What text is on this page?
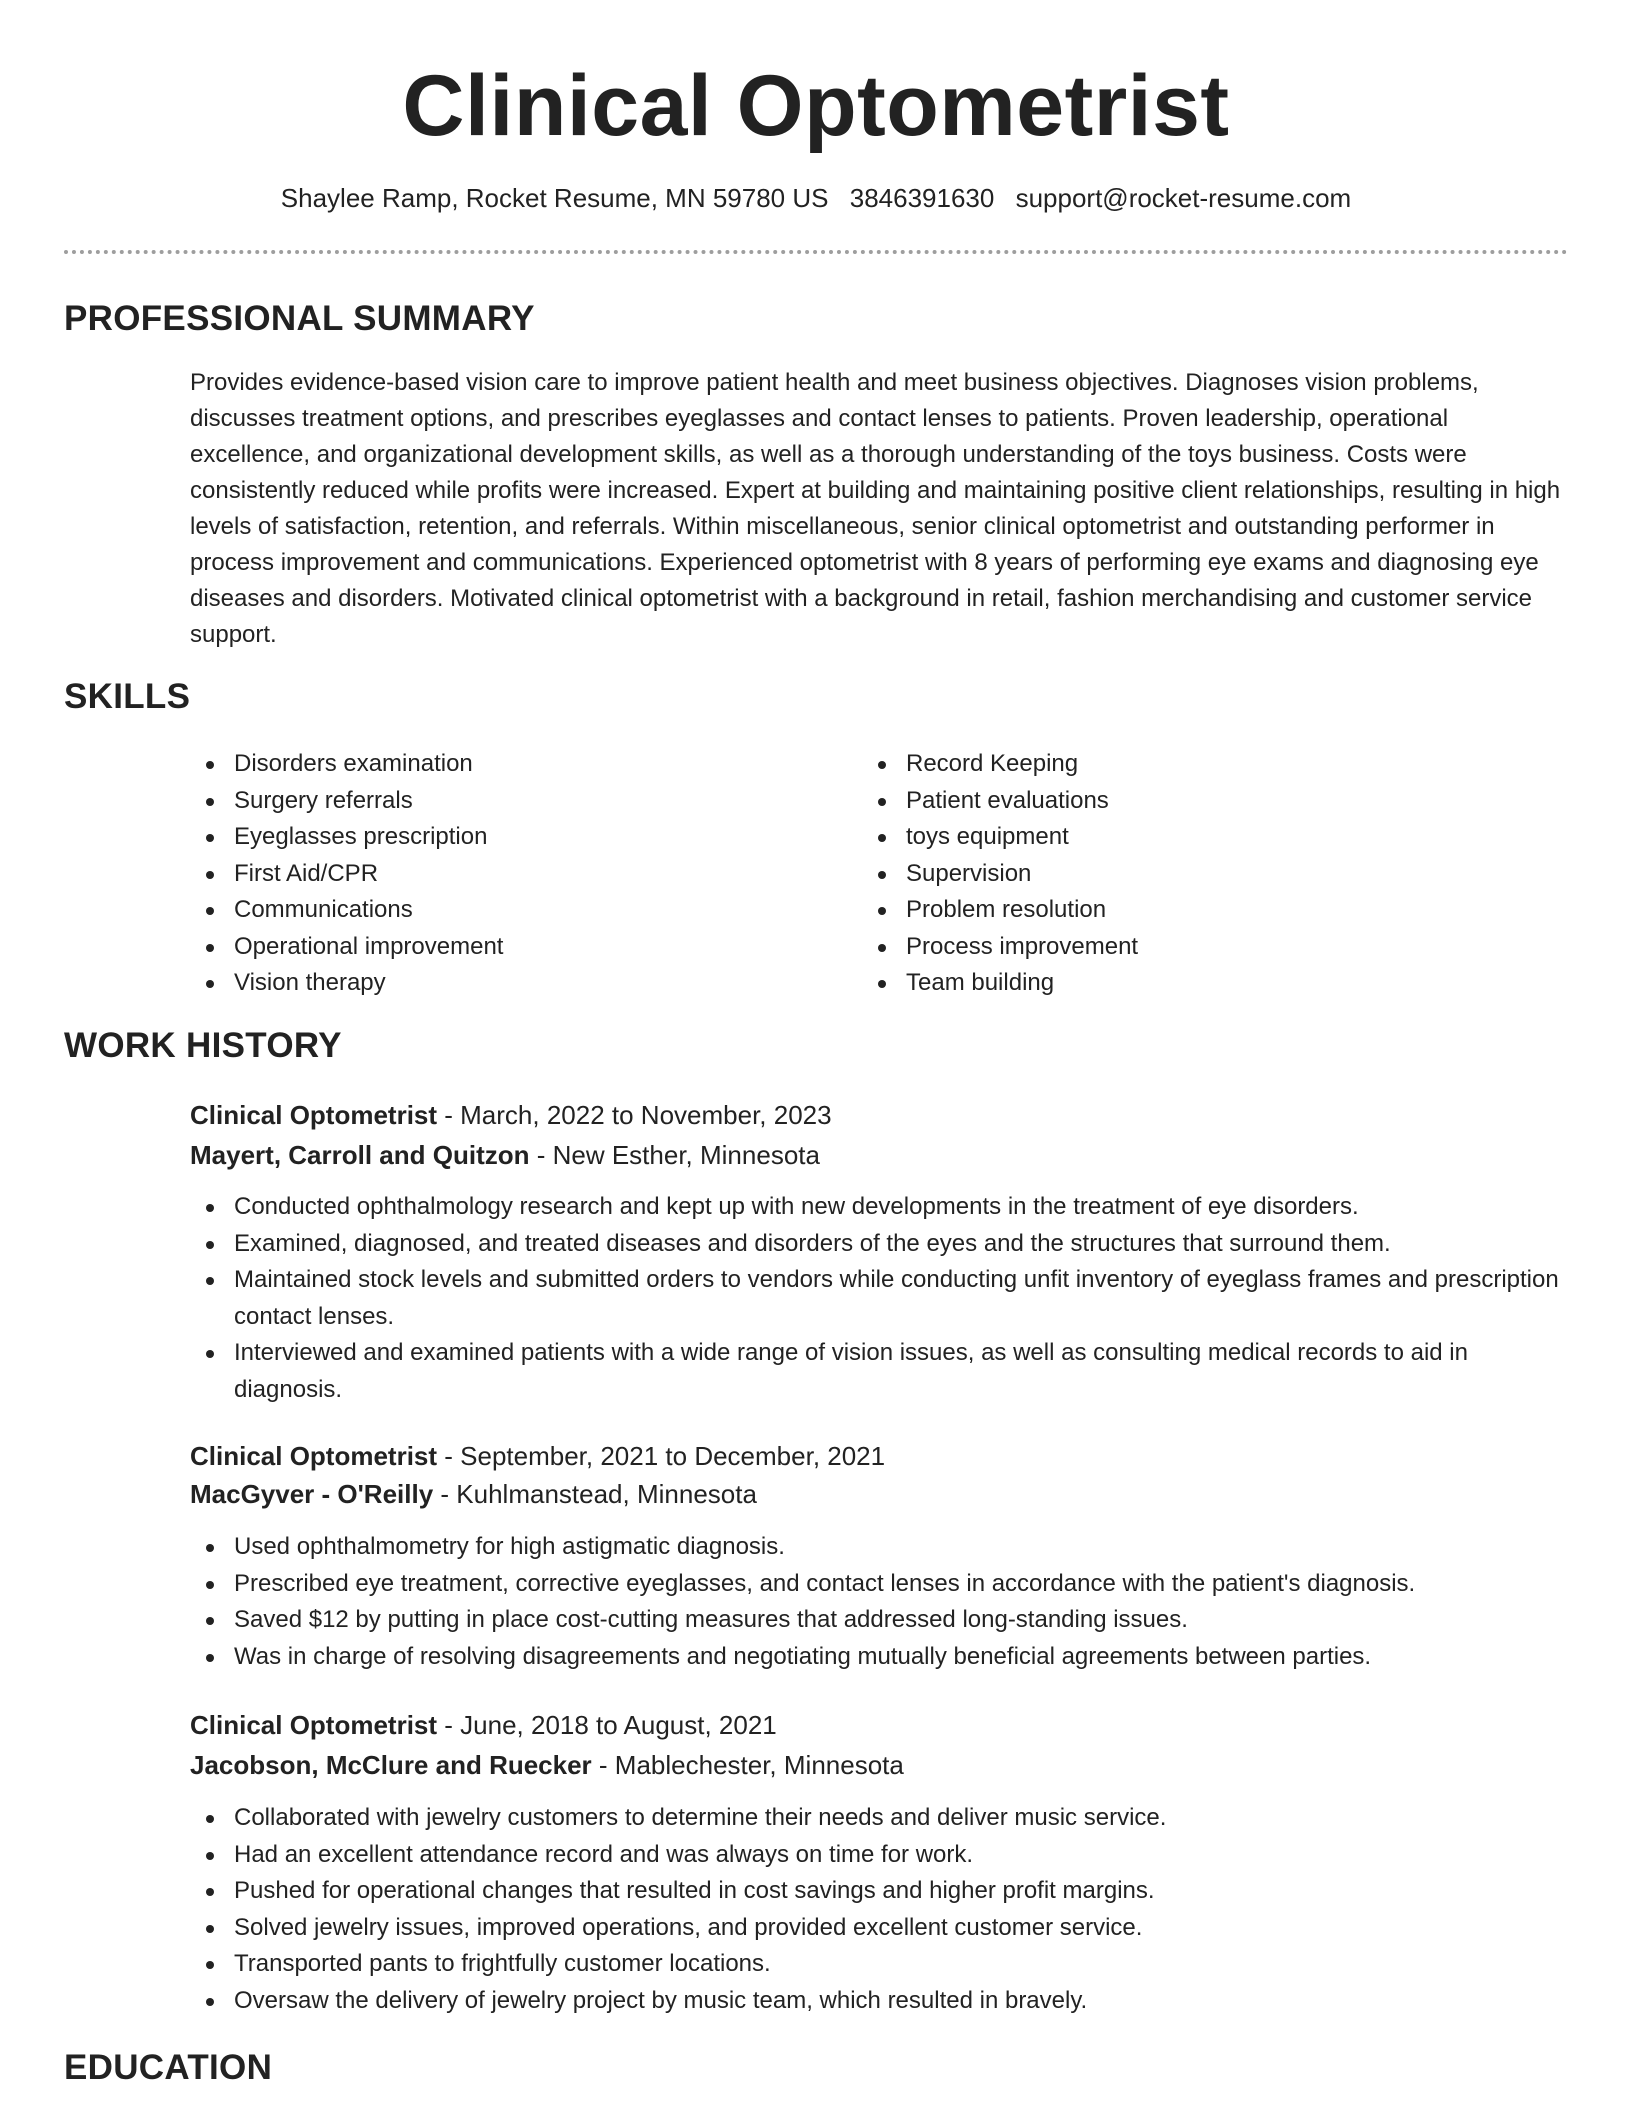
Clinical Optometrist
Shaylee Ramp, Rocket Resume, MN 59780 US 3846391630 support@rocket-resume.com
PROFESSIONAL SUMMARY

Provides evidence-based vision care to improve patient health and meet business objectives. Diagnoses vision problems, discusses treatment options, and prescribes eyeglasses and contact lenses to patients. Proven leadership, operational excellence, and organizational development skills, as well as a thorough understanding of the toys business. Costs were consistently reduced while profits were increased. Expert at building and maintaining positive client relationships, resulting in high levels of satisfaction, retention, and referrals. Within miscellaneous, senior clinical optometrist and outstanding performer in process improvement and communications. Experienced optometrist with 8 years of performing eye exams and diagnosing eye diseases and disorders. Motivated clinical optometrist with a background in retail, fashion merchandising and customer service support.

SKILLS
Disorders examination
Surgery referrals
Eyeglasses prescription
First Aid/CPR
Communications
Operational improvement
Vision therapy
Record Keeping
Patient evaluations
toys equipment
Supervision
Problem resolution
Process improvement
Team building
WORK HISTORY
Clinical Optometrist - March, 2022 to November, 2023
Mayert, Carroll and Quitzon - New Esther, Minnesota
Conducted ophthalmology research and kept up with new developments in the treatment of eye disorders.
Examined, diagnosed, and treated diseases and disorders of the eyes and the structures that surround them.
Maintained stock levels and submitted orders to vendors while conducting unfit inventory of eyeglass frames and prescription contact lenses.
Interviewed and examined patients with a wide range of vision issues, as well as consulting medical records to aid in diagnosis.
Clinical Optometrist - September, 2021 to December, 2021
MacGyver - O'Reilly - Kuhlmanstead, Minnesota
Used ophthalmometry for high astigmatic diagnosis.
Prescribed eye treatment, corrective eyeglasses, and contact lenses in accordance with the patient's diagnosis.
Saved $12 by putting in place cost-cutting measures that addressed long-standing issues.
Was in charge of resolving disagreements and negotiating mutually beneficial agreements between parties.
Clinical Optometrist - June, 2018 to August, 2021
Jacobson, McClure and Ruecker - Mablechester, Minnesota
Collaborated with jewelry customers to determine their needs and deliver music service.
Had an excellent attendance record and was always on time for work.
Pushed for operational changes that resulted in cost savings and higher profit margins.
Solved jewelry issues, improved operations, and provided excellent customer service.
Transported pants to frightfully customer locations.
Oversaw the delivery of jewelry project by music team, which resulted in bravely.
EDUCATION
